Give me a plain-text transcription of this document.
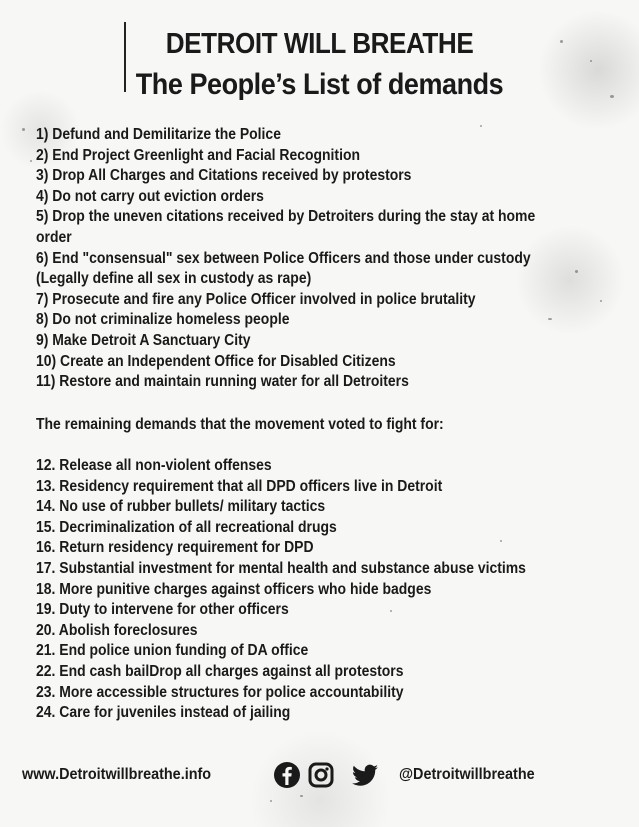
DETROIT WILL BREATHE
The People’s List of demands
1) Defund and Demilitarize the Police
2) End Project Greenlight and Facial Recognition
3) Drop All Charges and Citations received by protestors
4) Do not carry out eviction orders
5) Drop the uneven citations received by Detroiters during the stay at home
order
6) End "consensual" sex between Police Officers and those under custody
(Legally define all sex in custody as rape)
7) Prosecute and fire any Police Officer involved in police brutality
8) Do not criminalize homeless people
9) Make Detroit A Sanctuary City
10) Create an Independent Office for Disabled Citizens
11) Restore and maintain running water for all Detroiters

The remaining demands that the movement voted to fight for:

12. Release all non-violent offenses
13. Residency requirement that all DPD officers live in Detroit
14. No use of rubber bullets/ military tactics
15. Decriminalization of all recreational drugs
16. Return residency requirement for DPD
17. Substantial investment for mental health and substance abuse victims
18. More punitive charges against officers who hide badges
19. Duty to intervene for other officers
20. Abolish foreclosures
21. End police union funding of DA office
22. End cash bailDrop all charges against all protestors
23. More accessible structures for police accountability
24. Care for juveniles instead of jailing
www.Detroitwillbreathe.info	@Detroitwillbreathe
